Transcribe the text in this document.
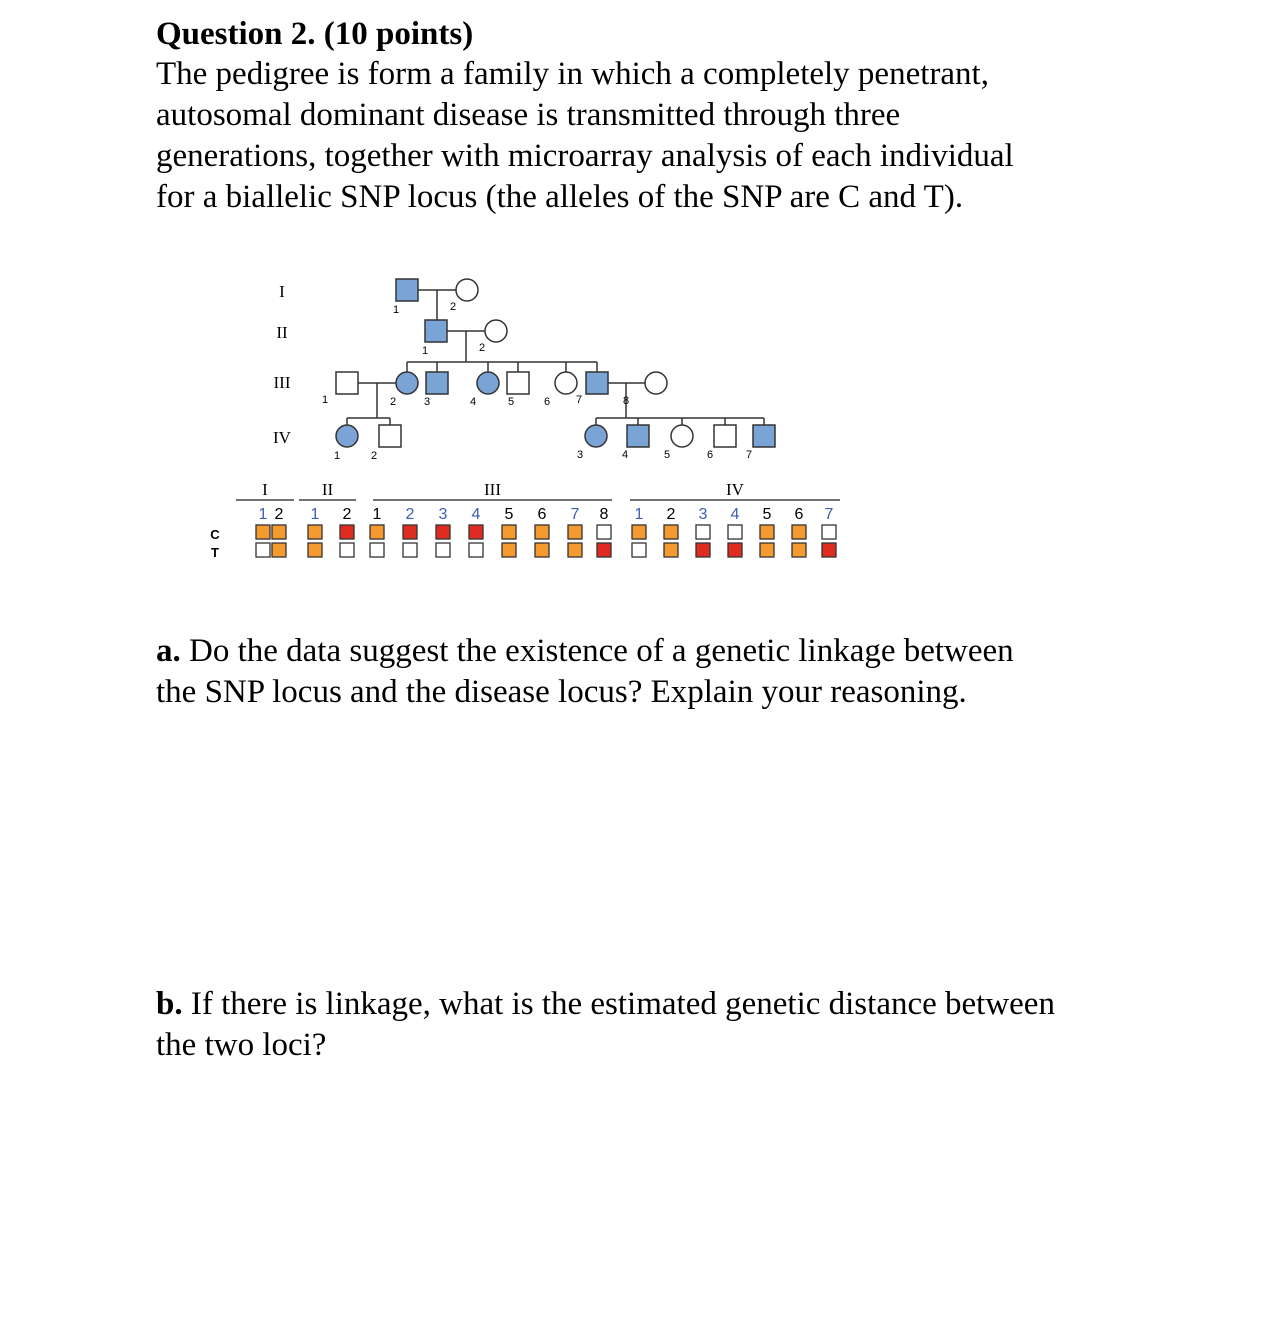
Question 2. (10 points)
The pedigree is form a family in which a completely penetrant,
autosomal dominant disease is transmitted through three
generations, together with microarray analysis of each individual
for a biallelic SNP locus (the alleles of the SNP are C and T).
I
II
III
IV
1	2
1	2
1	2	3	4	5	6 7	8
1	2	3	4	5	6	7
I
1 2
II
1 2
III
1 2 3 4 5 6 7 8
IV
1 2 3 4 5 6 7
C
T
a. Do the data suggest the existence of a genetic linkage between
the SNP locus and the disease locus? Explain your reasoning.
b. If there is linkage, what is the estimated genetic distance between
the two loci?
